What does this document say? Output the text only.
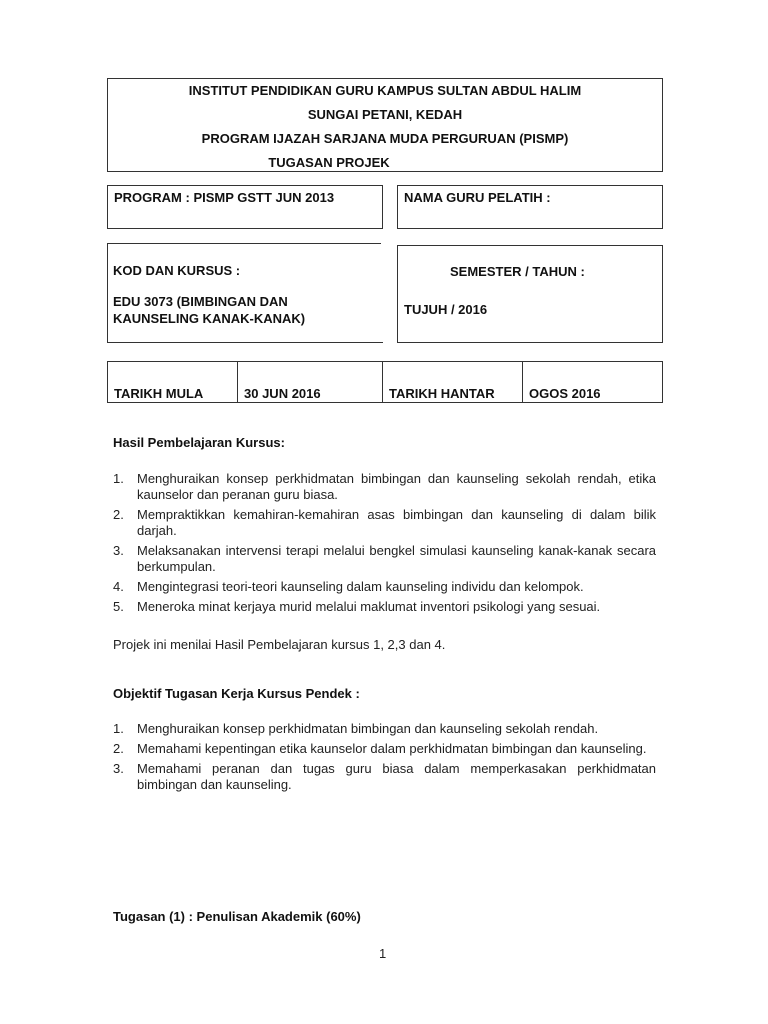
INSTITUT PENDIDIKAN GURU KAMPUS SULTAN ABDUL HALIM
SUNGAI PETANI, KEDAH
PROGRAM IJAZAH SARJANA MUDA PERGURUAN (PISMP)
TUGASAN PROJEK
PROGRAM : PISMP GSTT JUN 2013	NAMA GURU PELATIH :
KOD DAN KURSUS :
EDU 3073 (BIMBINGAN DAN
KAUNSELING KANAK-KANAK)
SEMESTER / TAHUN :
TUJUH / 2016
TARIKH MULA	30 JUN 2016	TARIKH HANTAR	OGOS 2016
Hasil Pembelajaran Kursus:
1. Menghuraikan konsep perkhidmatan bimbingan dan kaunseling sekolah rendah, etika kaunselor dan peranan guru biasa.
2. Mempraktikkan kemahiran-kemahiran asas bimbingan dan kaunseling di dalam bilik darjah.
3. Melaksanakan intervensi terapi melalui bengkel simulasi kaunseling kanak-kanak secara berkumpulan.
4. Mengintegrasi teori-teori kaunseling dalam kaunseling individu dan kelompok.
5. Meneroka minat kerjaya murid melalui maklumat inventori psikologi yang sesuai.
Projek ini menilai Hasil Pembelajaran kursus 1, 2,3 dan 4.
Objektif Tugasan Kerja Kursus Pendek :
1. Menghuraikan konsep perkhidmatan bimbingan dan kaunseling sekolah rendah.
2. Memahami kepentingan etika kaunselor dalam perkhidmatan bimbingan dan kaunseling.
3. Memahami peranan dan tugas guru biasa dalam memperkasakan perkhidmatan bimbingan dan kaunseling.
Tugasan (1) : Penulisan Akademik (60%)
1
